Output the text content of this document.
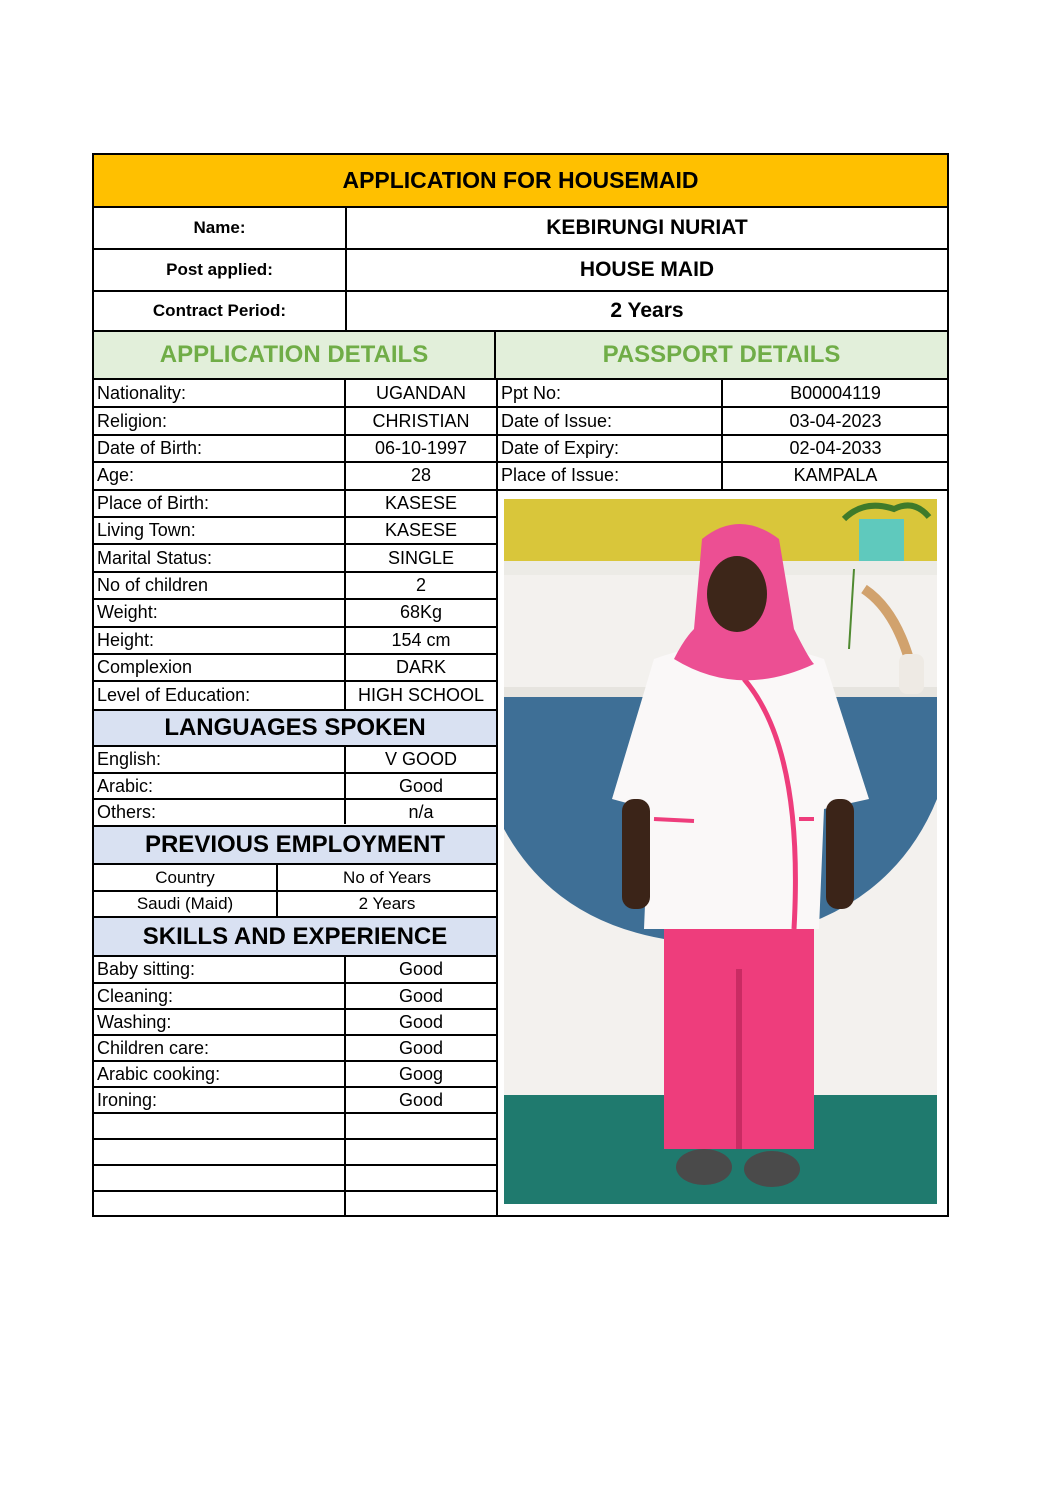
APPLICATION FOR HOUSEMAID
Name:	KEBIRUNGI NURIAT
Post applied:	HOUSE MAID
Contract Period:	2 Years
APPLICATION DETAILS	PASSPORT DETAILS
Nationality:	UGANDAN
Religion:	CHRISTIAN
Date of Birth:	06-10-1997
Age:	28
Place of Birth:	KASESE
Living Town:	KASESE
Marital Status:	SINGLE
No of children	2
Weight:	68Kg
Height:	154 cm
Complexion	DARK
Level of Education:	HIGH SCHOOL
Ppt No:	B00004119
Date of Issue:	03-04-2023
Date of Expiry:	02-04-2033
Place of Issue:	KAMPALA
LANGUAGES SPOKEN
English:	V GOOD
Arabic:	Good
Others:	n/a
PREVIOUS EMPLOYMENT
Country	No of Years
Saudi (Maid)	2 Years
SKILLS AND EXPERIENCE
Baby sitting:	Good
Cleaning:	Good
Washing:	Good
Children care:	Good
Arabic cooking:	Goog
Ironing:	Good
